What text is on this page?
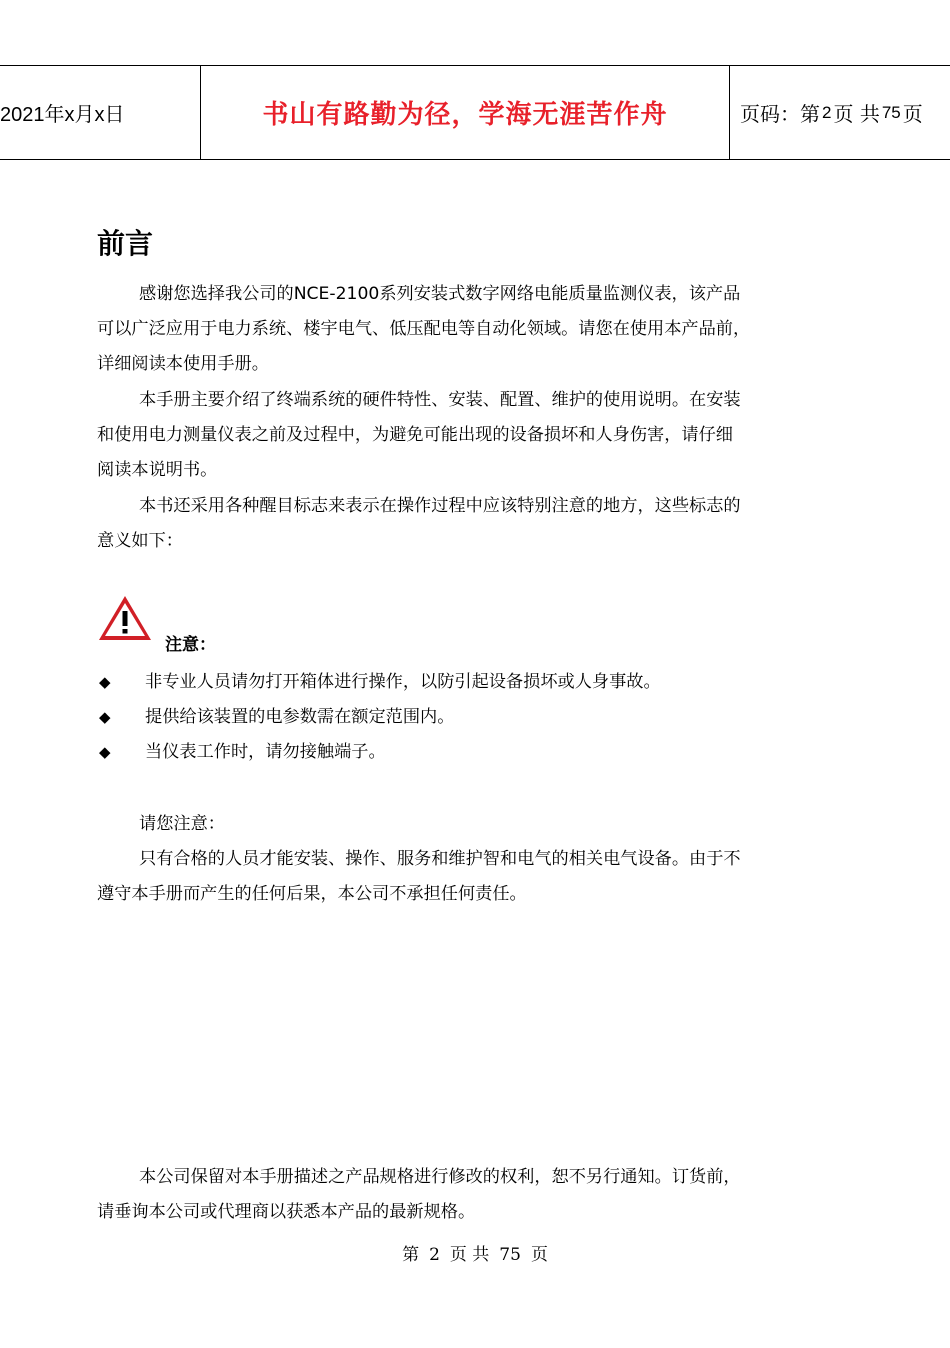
2021年x月x日	书山有路勤为径，学海无涯苦作舟	页码：第 2 页 共 75 页
前言
感谢您选择我公司的NCE-2100系列安装式数字网络电能质量监测仪表，该产品
可以广泛应用于电力系统、楼宇电气、低压配电等自动化领域。请您在使用本产品前，
详细阅读本使用手册。
本手册主要介绍了终端系统的硬件特性、安装、配置、维护的使用说明。在安装
和使用电力测量仪表之前及过程中，为避免可能出现的设备损坏和人身伤害，请仔细
阅读本说明书。
本书还采用各种醒目标志来表示在操作过程中应该特别注意的地方，这些标志的
意义如下：
注意：
◆ 非专业人员请勿打开箱体进行操作，以防引起设备损坏或人身事故。
◆ 提供给该装置的电参数需在额定范围内。
◆ 当仪表工作时，请勿接触端子。
请您注意：
只有合格的人员才能安装、操作、服务和维护智和电气的相关电气设备。由于不
遵守本手册而产生的任何后果，本公司不承担任何责任。
本公司保留对本手册描述之产品规格进行修改的权利，恕不另行通知。订货前，
请垂询本公司或代理商以获悉本产品的最新规格。
第 2 页 共 75 页
